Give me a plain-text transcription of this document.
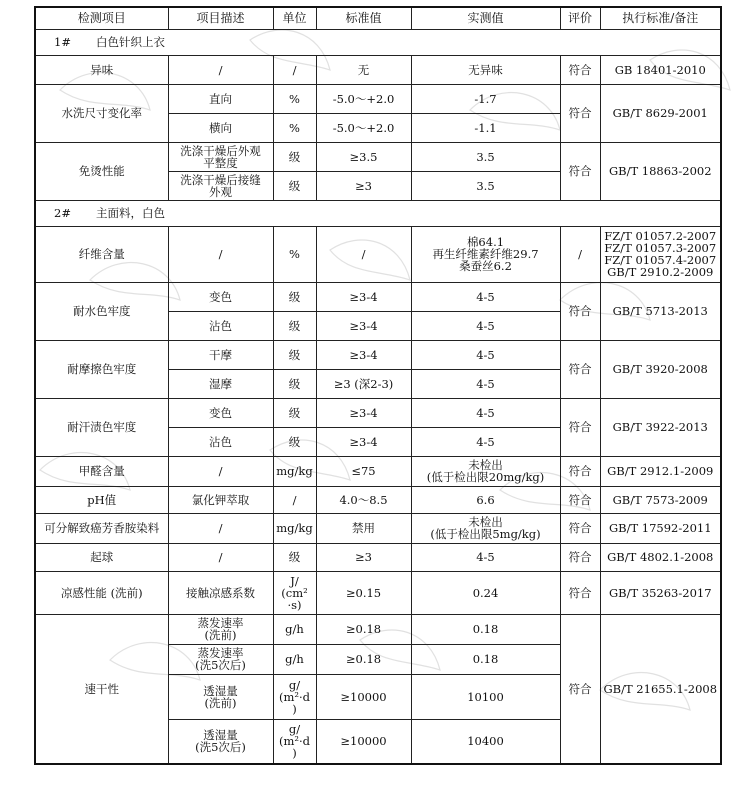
检测项目	项目描述	单位	标准值	实测值	评价	执行标准/备注
1# 白色针织上衣						
异味	/	/	无	无异味	符合	GB 18401-2010
水洗尺寸变化率	直向	%	-5.0～+2.0	-1.7	符合	GB/T 8629-2001
	横向	%	-5.0～+2.0	-1.1		
免烫性能	洗涤干燥后外观
平整度	级	≥3.5	3.5	符合	GB/T 18863-2002
	洗涤干燥后接缝
外观	级	≥3	3.5		
2# 主面料，白色						
纤维含量	/	%	/	棉64.1
再生纤维素纤维29.7
桑蚕丝6.2	/	FZ/T 01057.2-2007
FZ/T 01057.3-2007
FZ/T 01057.4-2007
GB/T 2910.2-2009
耐水色牢度	变色	级	≥3-4	4-5	符合	GB/T 5713-2013
	沾色	级	≥3-4	4-5		
耐摩擦色牢度	干摩	级	≥3-4	4-5	符合	GB/T 3920-2008
	湿摩	级	≥3 (深2-3)	4-5		
耐汗渍色牢度	变色	级	≥3-4	4-5	符合	GB/T 3922-2013
	沾色	级	≥3-4	4-5		
甲醛含量	/	mg/kg	≤75	未检出
(低于检出限20mg/kg)	符合	GB/T 2912.1-2009
pH值	氯化钾萃取	/	4.0～8.5	6.6	符合	GB/T 7573-2009
可分解致癌芳香胺染料	/	mg/kg	禁用	未检出
(低于检出限5mg/kg)	符合	GB/T 17592-2011
起球	/	级	≥3	4-5	符合	GB/T 4802.1-2008
凉感性能 (洗前)	接触凉感系数	J/
(cm²
·s)	≥0.15	0.24	符合	GB/T 35263-2017
速干性	蒸发速率
(洗前)	g/h	≥0.18	0.18	符合	GB/T 21655.1-2008
	蒸发速率
(洗5次后)	g/h	≥0.18	0.18		
	透湿量
(洗前)	g/
(m²·d
)	≥10000	10100		
	透湿量
(洗5次后)	g/
(m²·d
)	≥10000	10400		
